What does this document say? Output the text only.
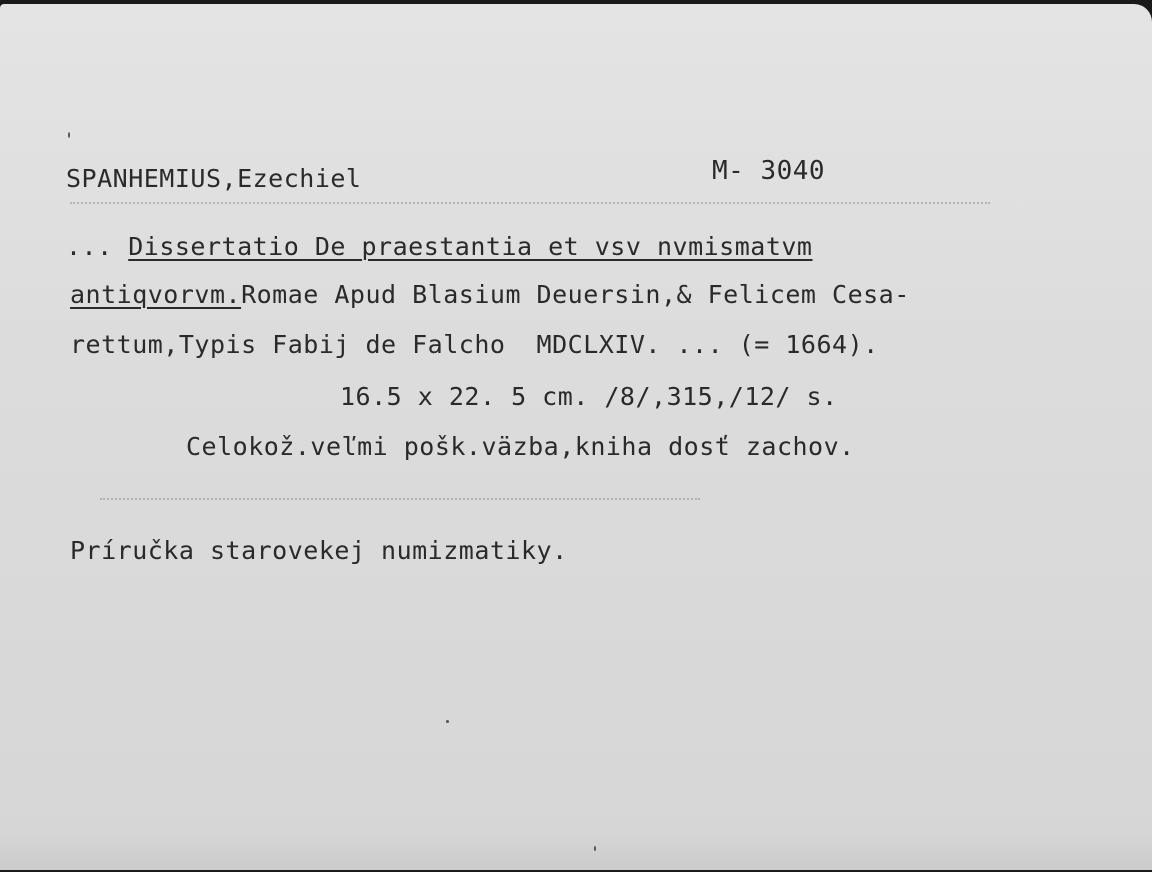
SPANHEMIUS,Ezechiel	M- 3040
... Dissertatio De praestantia et vsv nvmismatvm
antiqvorvm.Romae Apud Blasium Deuersin,& Felicem Cesa-
rettum,Typis Fabij de Falcho  MDCLXIV. ... (= 1664).
16.5 x 22. 5 cm. /8/,315,/12/ s.
Celokož.veľmi pošk.väzba,kniha dosť zachov.
Príručka starovekej numizmatiky.
